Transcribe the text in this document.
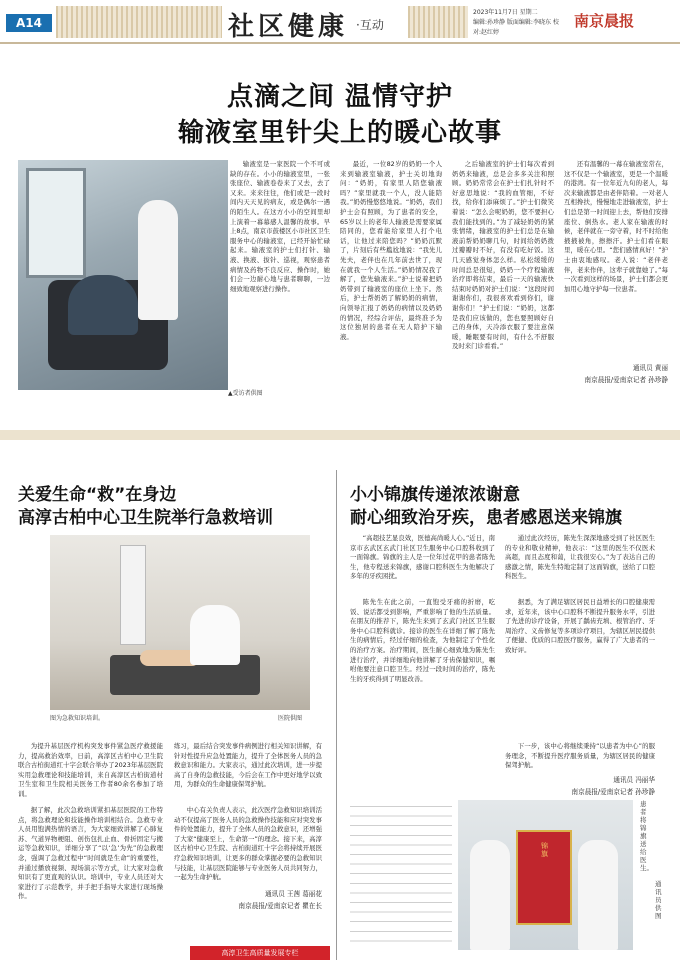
A14	社区健康 ·互动
2023年11月7日 星期二
编辑:孙珍静 版面编辑:李晓东 校对:赵红婷
南京晨报
点滴之间 温情守护
输液室里针尖上的暖心故事
▲受访者供图
输液室是一家医院一个不可或缺的存在。小小的输液室里，一张张座位、输液卷卷来了又去，去了又来。来来往往，他们或是一段时间内天天见的病友，或是偶尔一遇的陌生人。在这方小小的空间里却上演着一幕幕感人温馨的故事。早上8点，南京市鼓楼区小市社区卫生服务中心的输液室，已经开始忙碌起来。输液室的护士们打针、输液、换液、拔针、巡视，观察患者病情及药物不良反应、操作时，她们会一边耐心地与患者聊聊，一边细致地观察进行操作。
最近，一位82岁的奶奶一个人来到输液室输液，护士关切地询问：“奶奶，有家里人陪您输液吗？”家里就我一个人，没人能陪我。”奶奶慢悠悠地说。“奶奶，我们护士会有照顾，为了患者的安全，65岁以上的老年人输液是需要家属陪同的，您看能给家里人打个电话，让他过来陪您吗？”奶奶沉默了，片刻后有些尴尬地说：“我先儿先夫，老伴也在几年前去世了，现在就我一个人生活。”奶奶情况我了解了，您先输液来。”护士说着把奶奶带到了输液室的座位上坐下。然后，护士帮奶奶了解奶奶的病情，向领导汇报了奶奶的病情以及奶奶的情况，经综合评估，最终准予为这位独居的患者在无人陪护下输液。
之后输液室的护士们每次看到奶奶来输液，总是会多多关注和照顾。奶奶常常会在护士们扎针时不好意思地说：“我的血管细，不好找，给你们添麻烦了。”护士们微笑着说：“怎么会呢奶奶，您不要担心我们能找到的。”为了减轻奶奶的紧张情绪，输液室的护士们总是在输液前帮奶奶聊几句，时间给奶奶拨过瓣瓣时不好，有没有吃好饭。这几天感觉身体怎么样。私松缓缓的时间总是很短，奶奶一个疗程输液治疗即将结束，最后一天的输液快结束时奶奶对护士们说：“这段时间谢谢你们，我很喜欢看到你们，谢谢你们！”护士们说：“奶奶，这都是我们应该做的，您也要照顾好自己的身体，天冷添衣服了要注意保暖，睡眠要有时间，有什么不舒服及时来门诊看看。”
还有温馨的一幕在输液室常在，这不仅是一个输液室，更是一个温暖的港湾。有一位年近九旬的老人，每次来输液都是由老伴陪着。一对老人互相搀扶，慢慢地走进输液室，护士们总是第一时间迎上去，帮他们安排座位、倒热水。老人家在输液的时候，老伴就在一旁守着，时不时给他掖掖被角，擦擦汗。护士们看在眼里，暖在心里。“您们感情真好！”护士由衷地感叹。老人说：“老伴老伴，老来作伴，这辈子就靠她了。”每一次看到这样的场景，护士们都会更加用心地守护每一位患者。
通讯员 黄丽
南京晨报/爱南京记者 孙珍静
关爱生命“救”在身边
高淳古柏中心卫生院举行急救培训
图为急救知识培训。	医院供图
为提升基层医疗机构突发事件紧急医疗救援能力，提高救治效率，日前，高淳区古柏中心卫生院联合古柏街道红十字会联合举办了2023年基层医院实用急救理论和技能培训，来自高淳区古柏街道村卫生室和卫生院相关医务工作者80余名参加了培训。
据了解，此次急救培训紧扣基层医院的工作特点，将急救理论和技能操作培训相结合。急救专业人员用饱满热情的语言，为大家细致讲解了心肺复苏、气道异物梗阻、创伤包扎止血、骨折固定与搬运等急救知识，详细分享了“以‘急’为先”的急救理念，强调了急救过程中“时间就是生命”的重要性，并通过播放视频、现场演示等方式，让大家对急救知识有了更直观的认识。培训中，专业人员还对大家进行了示范教学，并手把手指导大家进行现场操作。
练习，最后结合突发事件病例进行相关知识讲解，有针对性提升应急处置能力，提升了全体医务人员的急救意识和能力。大家表示，通过此次培训，进一步提高了自身的急救技能，今后会在工作中更好地学以致用，为群众的生命健康保驾护航。
中心有关负责人表示，此次医疗急救知识培训活动不仅提高了医务人员的急救操作技能和应对突发事件的处置能力，提升了全体人员的急救意识，还增强了大家“健康至上，生命第一”的理念。接下来，高淳区古柏中心卫生院、古柏街道红十字会将持续开展医疗急救知识培训，让更多的群众掌握必要的急救知识与技能，让基层医院能够与专业医务人员共同努力，一起为生命护航。
通讯员 王茜 葛丽花
南京晨报/爱南京记者 瞿在长
高淳卫生高质量发展专栏
小小锦旗传递浓浓谢意
耐心细致治牙疾，患者感恩送来锦旗
“高超技艺显良效，医德高尚暖人心。”近日，南京市玄武区玄武门社区卫生服务中心口腔科收到了一面锦旗。锦旗的主人是一位年过花甲的患者陈先生，他专程送来锦旗，感谢口腔科医生为他解决了多年的牙疾困扰。
陈先生在此之前，一直饱受牙痛的折磨，吃饭、说话都受到影响，严重影响了他的生活质量。在朋友的推荐下，陈先生来到了玄武门社区卫生服务中心口腔科就诊。接诊的医生在详细了解了陈先生的病情后，经过仔细的检查，为他制定了个性化的治疗方案。治疗期间，医生耐心细致地为陈先生进行治疗，并详细地向他讲解了牙齿保健知识，嘱咐他要注意口腔卫生。经过一段时间的治疗，陈先生的牙疾得到了明显改善。
通过此次经历，陈先生深深地感受到了社区医生的专业和敬业精神，他表示：“这里的医生不仅医术高超，而且态度和蔼，让我很安心。”为了表达自己的感激之情，陈先生特地定制了这面锦旗，送给了口腔科医生。
据悉，为了满足辖区居民日益增长的口腔健康需求，近年来，该中心口腔科不断提升服务水平，引进了先进的诊疗设备，开展了龋齿充填、根管治疗、牙周治疗、义齿修复等多项诊疗项目，为辖区居民提供了便捷、优质的口腔医疗服务，赢得了广大患者的一致好评。
下一步，该中心将继续秉持“以患者为中心”的服务理念，不断提升医疗服务质量，为辖区居民的健康保驾护航。
通讯员 冯丽华
南京晨报/爱南京记者 孙珍静
锦旗
患者将锦旗送给医生。
通讯员供图
